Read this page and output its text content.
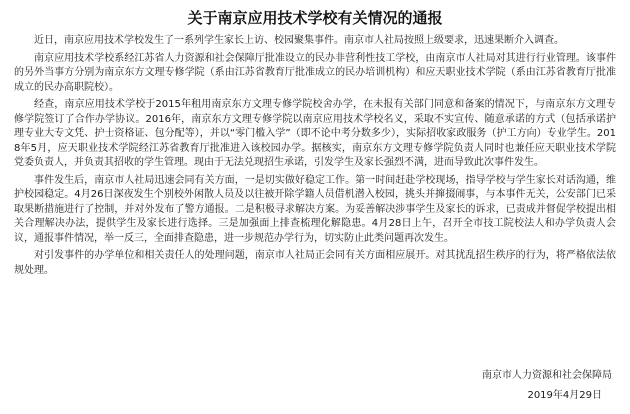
关于南京应用技术学校有关情况的通报

近日，南京应用技术学校发生了一系列学生家长上访、校园聚集事件。南京市人社局按照上级要求，迅速果断介入调查。

南京应用技术学校系经江苏省人力资源和社会保障厅批准设立的民办非营利性技工学校，由南京市人社局对其进行行业管理。该事件的另外当事方分别为南京东方文理专修学院（系由江苏省教育厅批准成立的民办培训机构）和应天职业技术学院（系由江苏省教育厅批准成立的民办高职院校）。

经查，南京应用技术学校于2015年租用南京东方文理专修学院校舍办学，在未报有关部门同意和备案的情况下，与南京东方文理专修学院签订了合作办学协议。2016年，南京东方文理专修学院以南京应用技术学校名义，采取不实宣传、随意承诺的方式（包括承诺护理专业大专文凭、护士资格证、包分配等），并以“零门槛入学”（即不论中考分数多少），实际招收家政服务（护工方向）专业学生。2018年5月，应天职业技术学院经江苏省教育厅批准进入该校园办学。据核实，南京东方文理专修学院负责人同时也兼任应天职业技术学院党委负责人，并负责其招收的学生管理。现由于无法兑现招生承诺，引发学生及家长强烈不满，进而导致此次事件发生。

事件发生后，南京市人社局迅速会同有关方面，一是切实做好稳定工作。第一时间赶赴学校现场，指导学校与学生家长对话沟通，维护校园稳定。4月26日深夜发生个别校外闲散人员及以往被开除学籍人员借机潜入校园，挑头并撺掇闹事，与本事件无关，公安部门已采取果断措施进行了控制，并对外发布了警方通报。二是积极寻求解决方案。为妥善解决涉事学生及家长的诉求，已责成并督促学校提出相关合理解决办法，提供学生及家长进行选择。三是加强面上排查梳理化解隐患。4月28日上午，召开全市技工院校法人和办学负责人会议，通报事件情况，举一反三，全面排查隐患，进一步规范办学行为，切实防止此类问题再次发生。

对引发事件的办学单位和相关责任人的处理问题，南京市人社局正会同有关方面相应展开。对其扰乱招生秩序的行为，将严格依法依规处理。

南京市人力资源和社会保障局
2019年4月29日
